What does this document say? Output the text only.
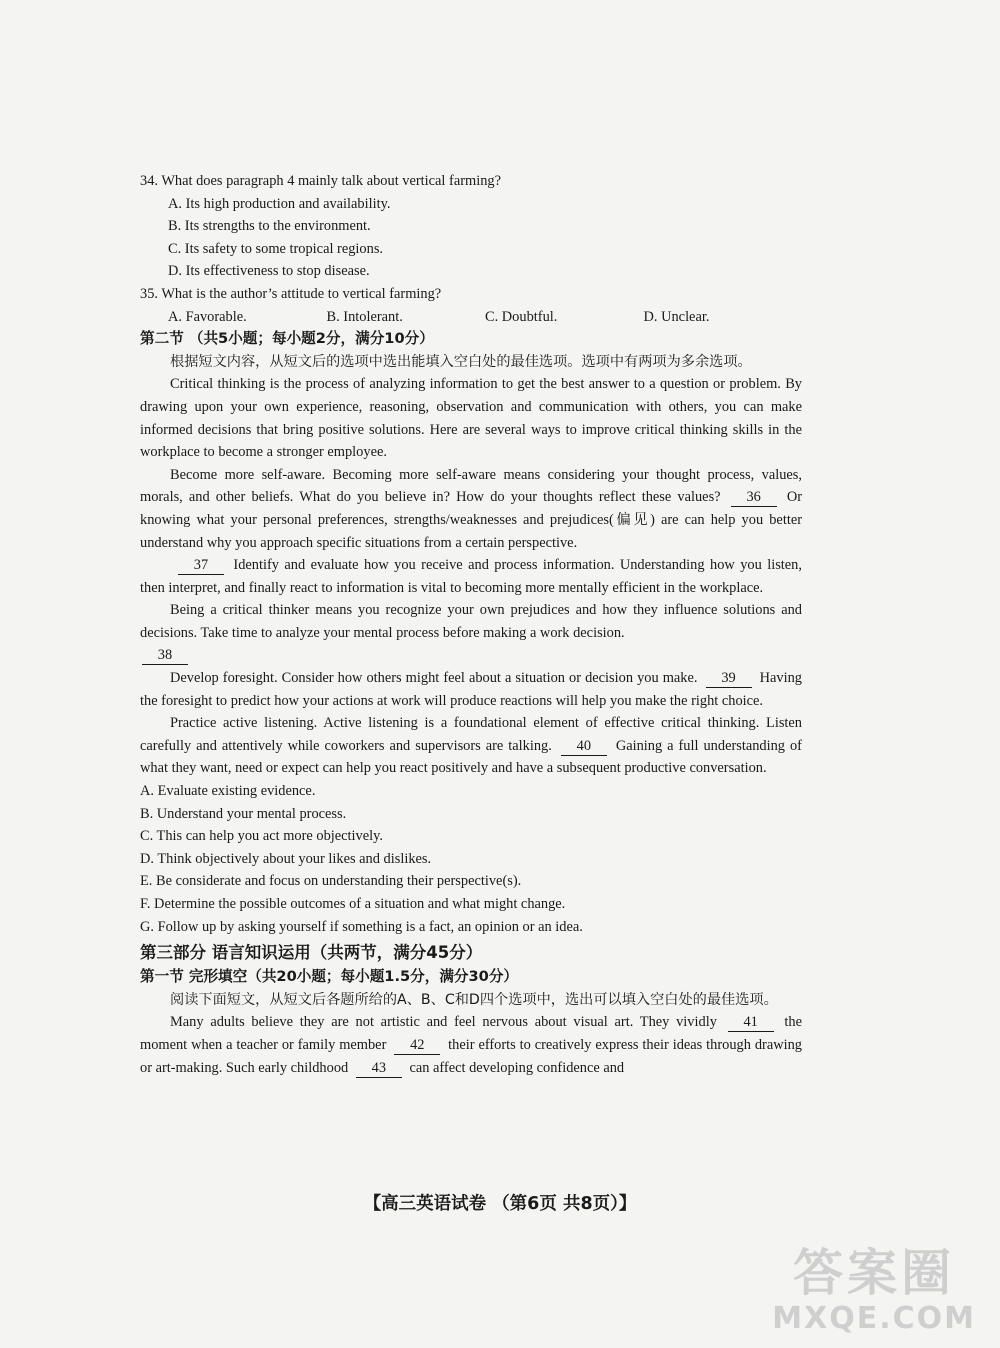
34. What does paragraph 4 mainly talk about vertical farming?
A. Its high production and availability.
B. Its strengths to the environment.
C. Its safety to some tropical regions.
D. Its effectiveness to stop disease.
35. What is the author’s attitude to vertical farming?
A. Favorable.	B. Intolerant.	C. Doubtful.	D. Unclear.
第二节 （共5小题；每小题2分，满分10分）
根据短文内容，从短文后的选项中选出能填入空白处的最佳选项。选项中有两项为多余选项。
Critical thinking is the process of analyzing information to get the best answer to a question or problem. By drawing upon your own experience, reasoning, observation and communication with others, you can make informed decisions that bring positive solutions. Here are several ways to improve critical thinking skills in the workplace to become a stronger employee.
Become more self-aware. Becoming more self-aware means considering your thought process, values, morals, and other beliefs. What do you believe in? How do your thoughts reflect these values? 36 Or knowing what your personal preferences, strengths/weaknesses and prejudices(偏见) are can help you better understand why you approach specific situations from a certain perspective.
37 Identify and evaluate how you receive and process information. Understanding how you listen, then interpret, and finally react to information is vital to becoming more mentally efficient in the workplace.
Being a critical thinker means you recognize your own prejudices and how they influence solutions and decisions. Take time to analyze your mental process before making a work decision.
38
Develop foresight. Consider how others might feel about a situation or decision you make. 39 Having the foresight to predict how your actions at work will produce reactions will help you make the right choice.
Practice active listening. Active listening is a foundational element of effective critical thinking. Listen carefully and attentively while coworkers and supervisors are talking. 40 Gaining a full understanding of what they want, need or expect can help you react positively and have a subsequent productive conversation.
A. Evaluate existing evidence.
B. Understand your mental process.
C. This can help you act more objectively.
D. Think objectively about your likes and dislikes.
E. Be considerate and focus on understanding their perspective(s).
F. Determine the possible outcomes of a situation and what might change.
G. Follow up by asking yourself if something is a fact, an opinion or an idea.
第三部分 语言知识运用（共两节，满分45分）
第一节 完形填空（共20小题；每小题1.5分，满分30分）
阅读下面短文，从短文后各题所给的A、B、C和D四个选项中，选出可以填入空白处的最佳选项。
Many adults believe they are not artistic and feel nervous about visual art. They vividly 41 the moment when a teacher or family member 42 their efforts to creatively express their ideas through drawing or art-making. Such early childhood 43 can affect developing confidence and
【高三英语试卷 （第6页 共8页）】
答案圈
MXQE.COM
